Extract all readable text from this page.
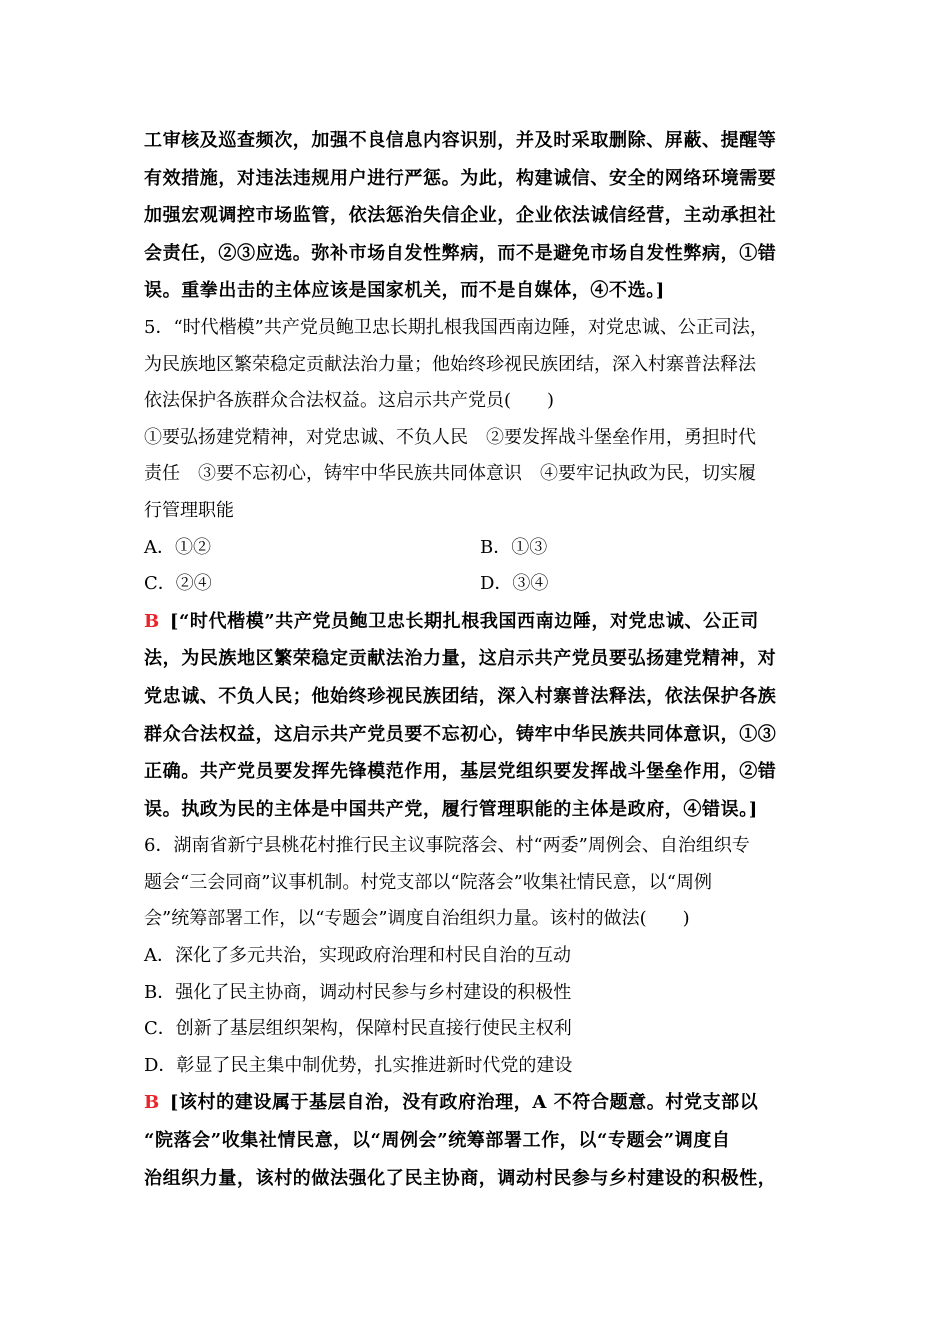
工审核及巡查频次，加强不良信息内容识别，并及时采取删除、屏蔽、提醒等
有效措施，对违法违规用户进行严惩。为此，构建诚信、安全的网络环境需要
加强宏观调控市场监管，依法惩治失信企业，企业依法诚信经营，主动承担社
会责任，②③应选。弥补市场自发性弊病，而不是避免市场自发性弊病，①错
误。重拳出击的主体应该是国家机关，而不是自媒体，④不选。]
5．“时代楷模”共产党员鲍卫忠长期扎根我国西南边陲，对党忠诚、公正司法，
为民族地区繁荣稳定贡献法治力量；他始终珍视民族团结，深入村寨普法释法
依法保护各族群众合法权益。这启示共产党员(　　)
①要弘扬建党精神，对党忠诚、不负人民　②要发挥战斗堡垒作用，勇担时代
责任　③要不忘初心，铸牢中华民族共同体意识　④要牢记执政为民，切实履
行管理职能
A．①②	B．①③
C．②④	D．③④
B [“时代楷模”共产党员鲍卫忠长期扎根我国西南边陲，对党忠诚、公正司
法，为民族地区繁荣稳定贡献法治力量，这启示共产党员要弘扬建党精神，对
党忠诚、不负人民；他始终珍视民族团结，深入村寨普法释法，依法保护各族
群众合法权益，这启示共产党员要不忘初心，铸牢中华民族共同体意识，①③
正确。共产党员要发挥先锋模范作用，基层党组织要发挥战斗堡垒作用，②错
误。执政为民的主体是中国共产党，履行管理职能的主体是政府，④错误。]
6．湖南省新宁县桃花村推行民主议事院落会、村“两委”周例会、自治组织专
题会“三会同商”议事机制。村党支部以“院落会”收集社情民意，以“周例
会”统筹部署工作，以“专题会”调度自治组织力量。该村的做法(　　)
A．深化了多元共治，实现政府治理和村民自治的互动
B．强化了民主协商，调动村民参与乡村建设的积极性
C．创新了基层组织架构，保障村民直接行使民主权利
D．彰显了民主集中制优势，扎实推进新时代党的建设
B [该村的建设属于基层自治，没有政府治理，A 不符合题意。村党支部以
“院落会”收集社情民意，以“周例会”统筹部署工作，以“专题会”调度自
治组织力量，该村的做法强化了民主协商，调动村民参与乡村建设的积极性，
